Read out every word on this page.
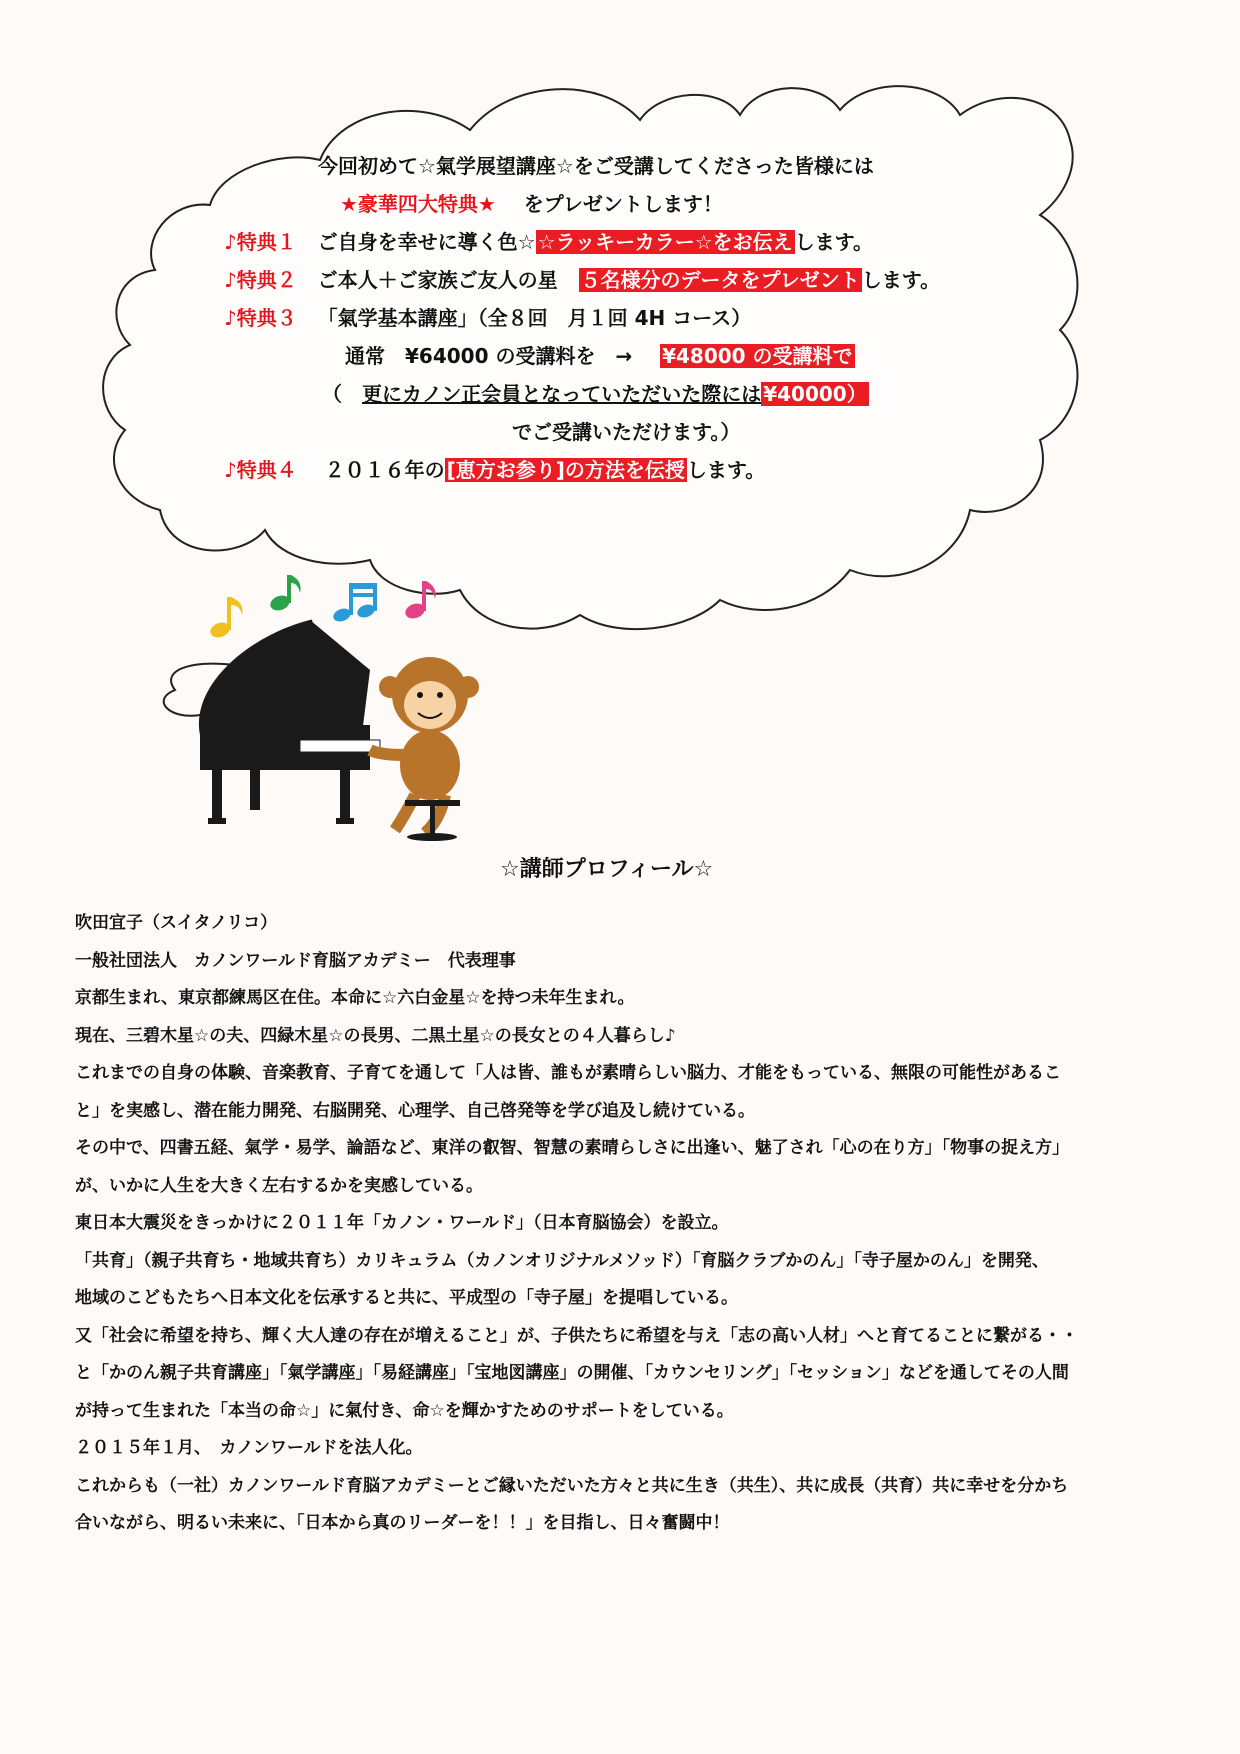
今回初めて☆氣学展望講座☆をご受講してくださった皆様には
★豪華四大特典★ をプレゼントします！
♪特典１ ご自身を幸せに導く色☆ ☆ラッキーカラー☆をお伝え します。
♪特典２ ご本人＋ご家族ご友人の星 ５名様分のデータをプレゼント します。
♪特典３ 「氣学基本講座」（全８回　月１回 4H コース）
通常　¥64000 の受講料を　→ ¥48000 の受講料で
（　更にカノン正会員となっていただいた際には ¥40000）
でご受講いただけます。）
♪特典４ ２０１６年の [恵方お参り]の方法を伝授 します。
☆講師プロフィール☆
吹田宜子（スイタノリコ）
一般社団法人　カノンワールド育脳アカデミー　代表理事
京都生まれ、東京都練馬区在住。本命に☆六白金星☆を持つ未年生まれ。
現在、三碧木星☆の夫、四緑木星☆の長男、二黒土星☆の長女との４人暮らし♪
これまでの自身の体験、音楽教育、子育てを通して「人は皆、誰もが素晴らしい脳力、才能をもっている、無限の可能性があるこ
と」を実感し、潜在能力開発、右脳開発、心理学、自己啓発等を学び追及し続けている。
その中で、四書五経、氣学・易学、論語など、東洋の叡智、智慧の素晴らしさに出逢い、魅了され「心の在り方」「物事の捉え方」
が、いかに人生を大きく左右するかを実感している。
東日本大震災をきっかけに２０１１年「カノン・ワールド」（日本育脳協会）を設立。
「共育」（親子共育ち・地域共育ち）カリキュラム（カノンオリジナルメソッド）「育脳クラブかのん」「寺子屋かのん」を開発、
地域のこどもたちへ日本文化を伝承すると共に、平成型の「寺子屋」を提唱している。
又「社会に希望を持ち、輝く大人達の存在が増えること」が、子供たちに希望を与え「志の高い人材」へと育てることに繋がる・・
と「かのん親子共育講座」「氣学講座」「易経講座」「宝地図講座」の開催、「カウンセリング」「セッション」などを通してその人間
が持って生まれた「本当の命☆」に氣付き、命☆を輝かすためのサポートをしている。
２０１５年１月、　カノンワールドを法人化。
これからも（一社）カノンワールド育脳アカデミーとご縁いただいた方々と共に生き（共生）、共に成長（共育）共に幸せを分かち
合いながら、明るい未来に、「日本から真のリーダーを！！」を目指し、日々奮闘中！
